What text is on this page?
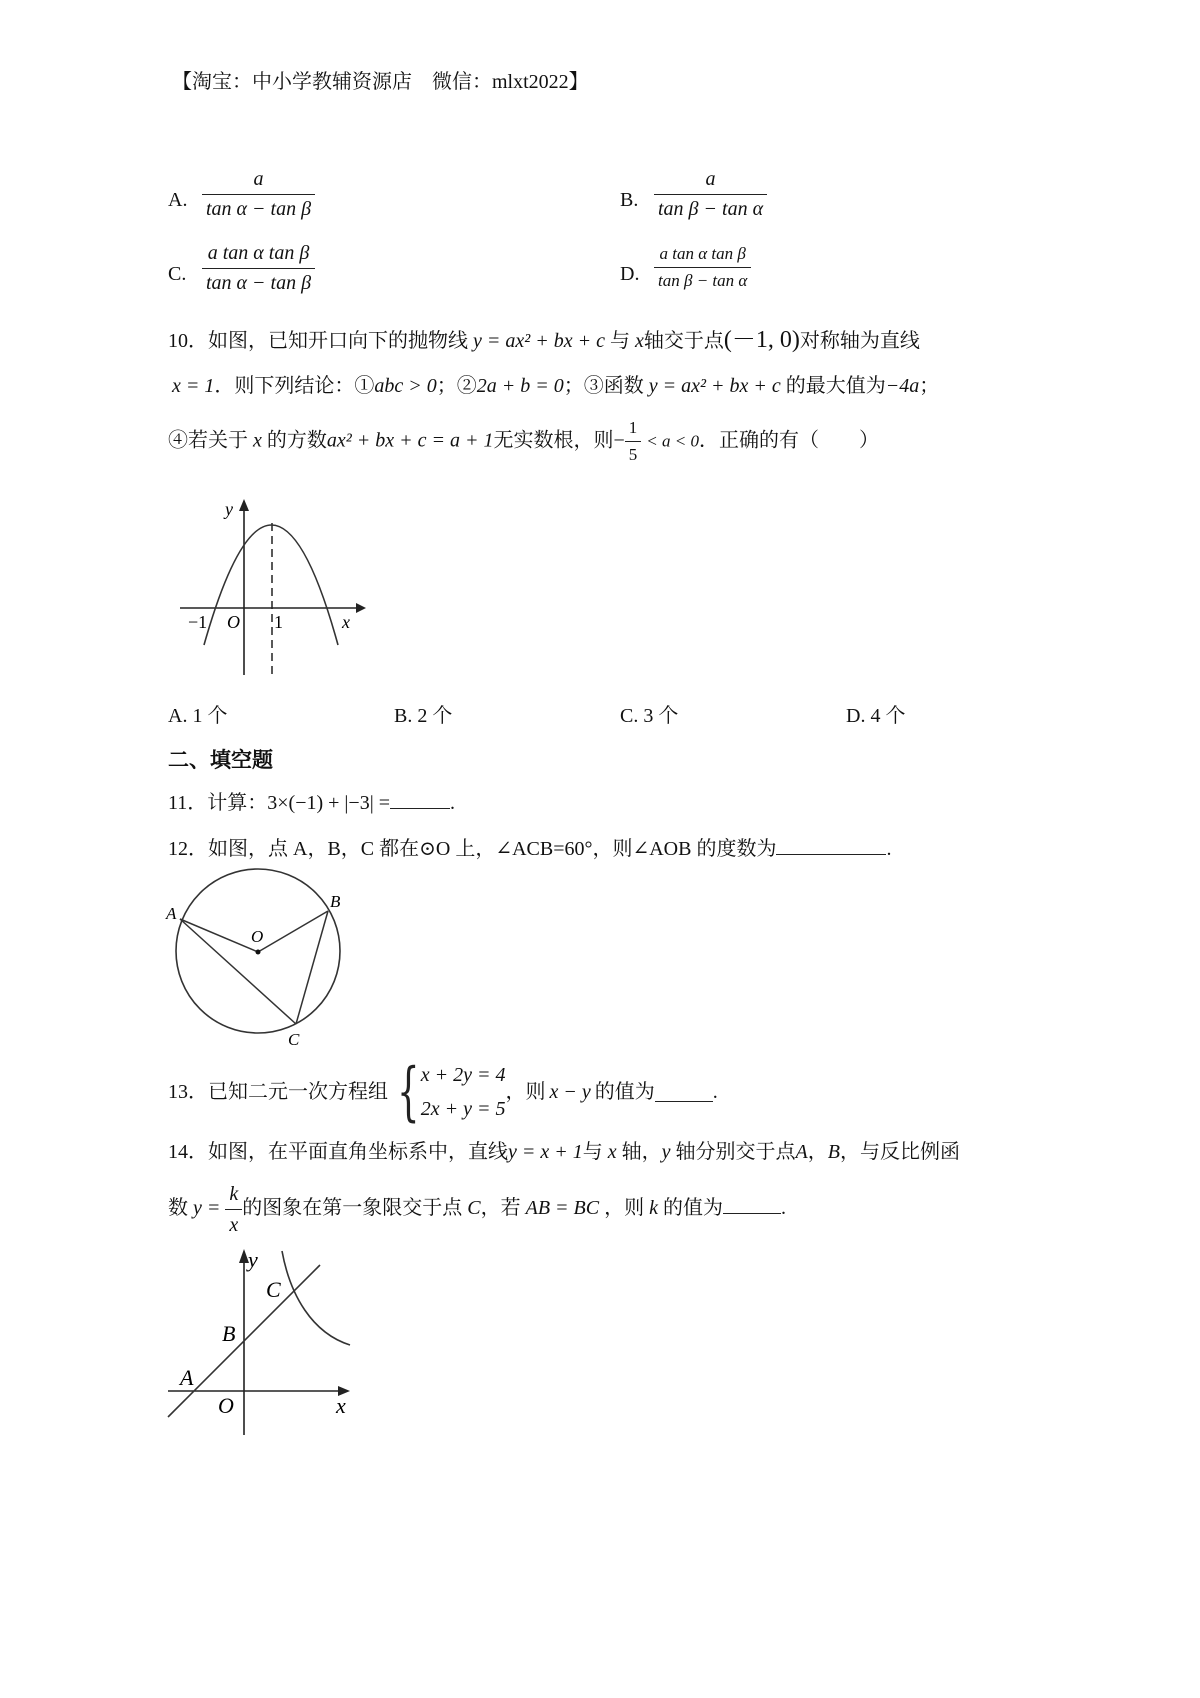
【淘宝：中小学教辅资源店　微信：mlxt2022】
A. $\frac{a}{\text{tan α − tan β}}$	B. $\frac{a}{\text{tan β − tan α}}$
C. $\frac{\text{a tan α tan β}}{\text{tan α − tan β}}$	D. $\frac{\text{a tan α tan β}}{\text{tan β − tan α}}$
10．如图，已知开口向下的抛物线 y = ax² + bx + c 与 x轴交于点(－1, 0)对称轴为直线
x = 1．则下列结论：①abc > 0；②2a + b = 0；③函数 y = ax² + bx + c 的最大值为−4a；
④若关于 x 的方数ax² + bx + c = a + 1无实数根，则− $\frac{1}{5} < a < 0$．正确的有（　　）
y
x
O
−1	1
A. 1 个	B. 2 个	C. 3 个	D. 4 个
二、填空题
11．计算：3×(−1) + |−3| =	.
12．如图，点 A，B，C 都在⊙O 上，∠ACB=60°，则∠AOB 的度数为	.
A
B
O
C
13．已知二元一次方程组 { x + 2y = 4
2x + y = 5
，则 x − y 的值为	.
14．如图，在平面直角坐标系中，直线y = x + 1与 x 轴，y 轴分别交于点A，B，与反比例函
数 $y = \frac{k}{x}$ 的图象在第一象限交于点 C，若 AB = BC ，则 k 的值为	.
y
x
A
B
C
O
